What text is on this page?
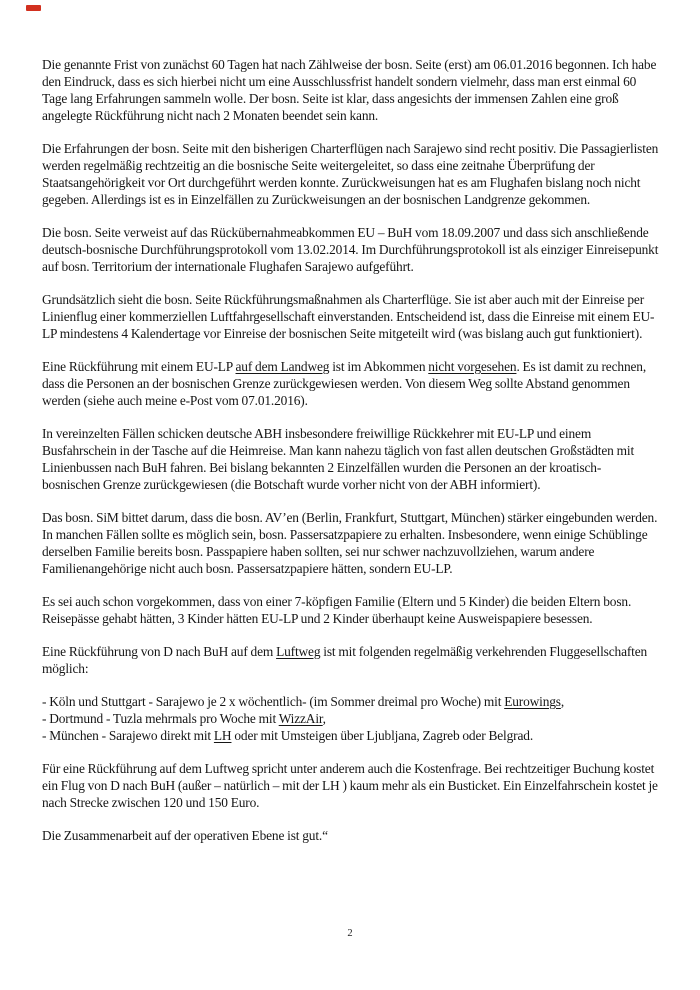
Die genannte Frist von zunächst 60 Tagen hat nach Zählweise der bosn. Seite (erst) am 06.01.2016 begonnen. Ich habe den Eindruck, dass es sich hierbei nicht um eine Ausschlussfrist handelt sondern vielmehr, dass man erst einmal 60 Tage lang Erfahrungen sammeln wolle. Der bosn. Seite ist klar, dass angesichts der immensen Zahlen eine groß angelegte Rückführung nicht nach 2 Monaten beendet sein kann.

Die Erfahrungen der bosn. Seite mit den bisherigen Charterflügen nach Sarajewo sind recht positiv. Die Passagierlisten werden regelmäßig rechtzeitig an die bosnische Seite weitergeleitet, so dass eine zeitnahe Überprüfung der Staatsangehörigkeit vor Ort durchgeführt werden konnte. Zurückweisungen hat es am Flughafen bislang noch nicht gegeben. Allerdings ist es in Einzelfällen zu Zurückweisungen an der bosnischen Landgrenze gekommen.

Die bosn. Seite verweist auf das Rückübernahmeabkommen EU – BuH vom 18.09.2007 und dass sich anschließende deutsch-bosnische Durchführungsprotokoll vom 13.02.2014. Im Durchführungsprotokoll ist als einziger Einreisepunkt auf bosn. Territorium der internationale Flughafen Sarajewo aufgeführt.

Grundsätzlich sieht die bosn. Seite Rückführungsmaßnahmen als Charterflüge. Sie ist aber auch mit der Einreise per Linienflug einer kommerziellen Luftfahrgesellschaft einverstanden. Entscheidend ist, dass die Einreise mit einem EU-LP mindestens 4 Kalendertage vor Einreise der bosnischen Seite mitgeteilt wird (was bislang auch gut funktioniert).

Eine Rückführung mit einem EU-LP auf dem Landweg ist im Abkommen nicht vorgesehen. Es ist damit zu rechnen, dass die Personen an der bosnischen Grenze zurückgewiesen werden. Von diesem Weg sollte Abstand genommen werden (siehe auch meine e-Post vom 07.01.2016).

In vereinzelten Fällen schicken deutsche ABH insbesondere freiwillige Rückkehrer mit EU-LP und einem Busfahrschein in der Tasche auf die Heimreise. Man kann nahezu täglich von fast allen deutschen Großstädten mit Linienbussen nach BuH fahren. Bei bislang bekannten 2 Einzelfällen wurden die Personen an der kroatisch-bosnischen Grenze zurückgewiesen (die Botschaft wurde vorher nicht von der ABH informiert).

Das bosn. SiM bittet darum, dass die bosn. AV’en (Berlin, Frankfurt, Stuttgart, München) stärker eingebunden werden. In manchen Fällen sollte es möglich sein, bosn. Passersatzpapiere zu erhalten. Insbesondere, wenn einige Schüblinge derselben Familie bereits bosn. Passpapiere haben sollten, sei nur schwer nachzuvollziehen, warum andere Familienangehörige nicht auch bosn. Passersatzpapiere hätten, sondern EU-LP.

Es sei auch schon vorgekommen, dass von einer 7-köpfigen Familie (Eltern und 5 Kinder) die beiden Eltern bosn. Reisepässe gehabt hätten, 3 Kinder hätten EU-LP und 2 Kinder überhaupt keine Ausweispapiere besessen.

Eine Rückführung von D nach BuH auf dem Luftweg ist mit folgenden regelmäßig verkehrenden Fluggesellschaften möglich:

- Köln und Stuttgart - Sarajewo je 2 x wöchentlich- (im Sommer dreimal pro Woche) mit Eurowings,

- Dortmund - Tuzla mehrmals pro Woche mit WizzAir,

- München - Sarajewo direkt mit LH oder mit Umsteigen über Ljubljana, Zagreb oder Belgrad.

Für eine Rückführung auf dem Luftweg spricht unter anderem auch die Kostenfrage. Bei rechtzeitiger Buchung kostet ein Flug von D nach BuH (außer – natürlich – mit der LH ) kaum mehr als ein Busticket. Ein Einzelfahrschein kostet je nach Strecke zwischen 120 und 150 Euro.

Die Zusammenarbeit auf der operativen Ebene ist gut.“

2
